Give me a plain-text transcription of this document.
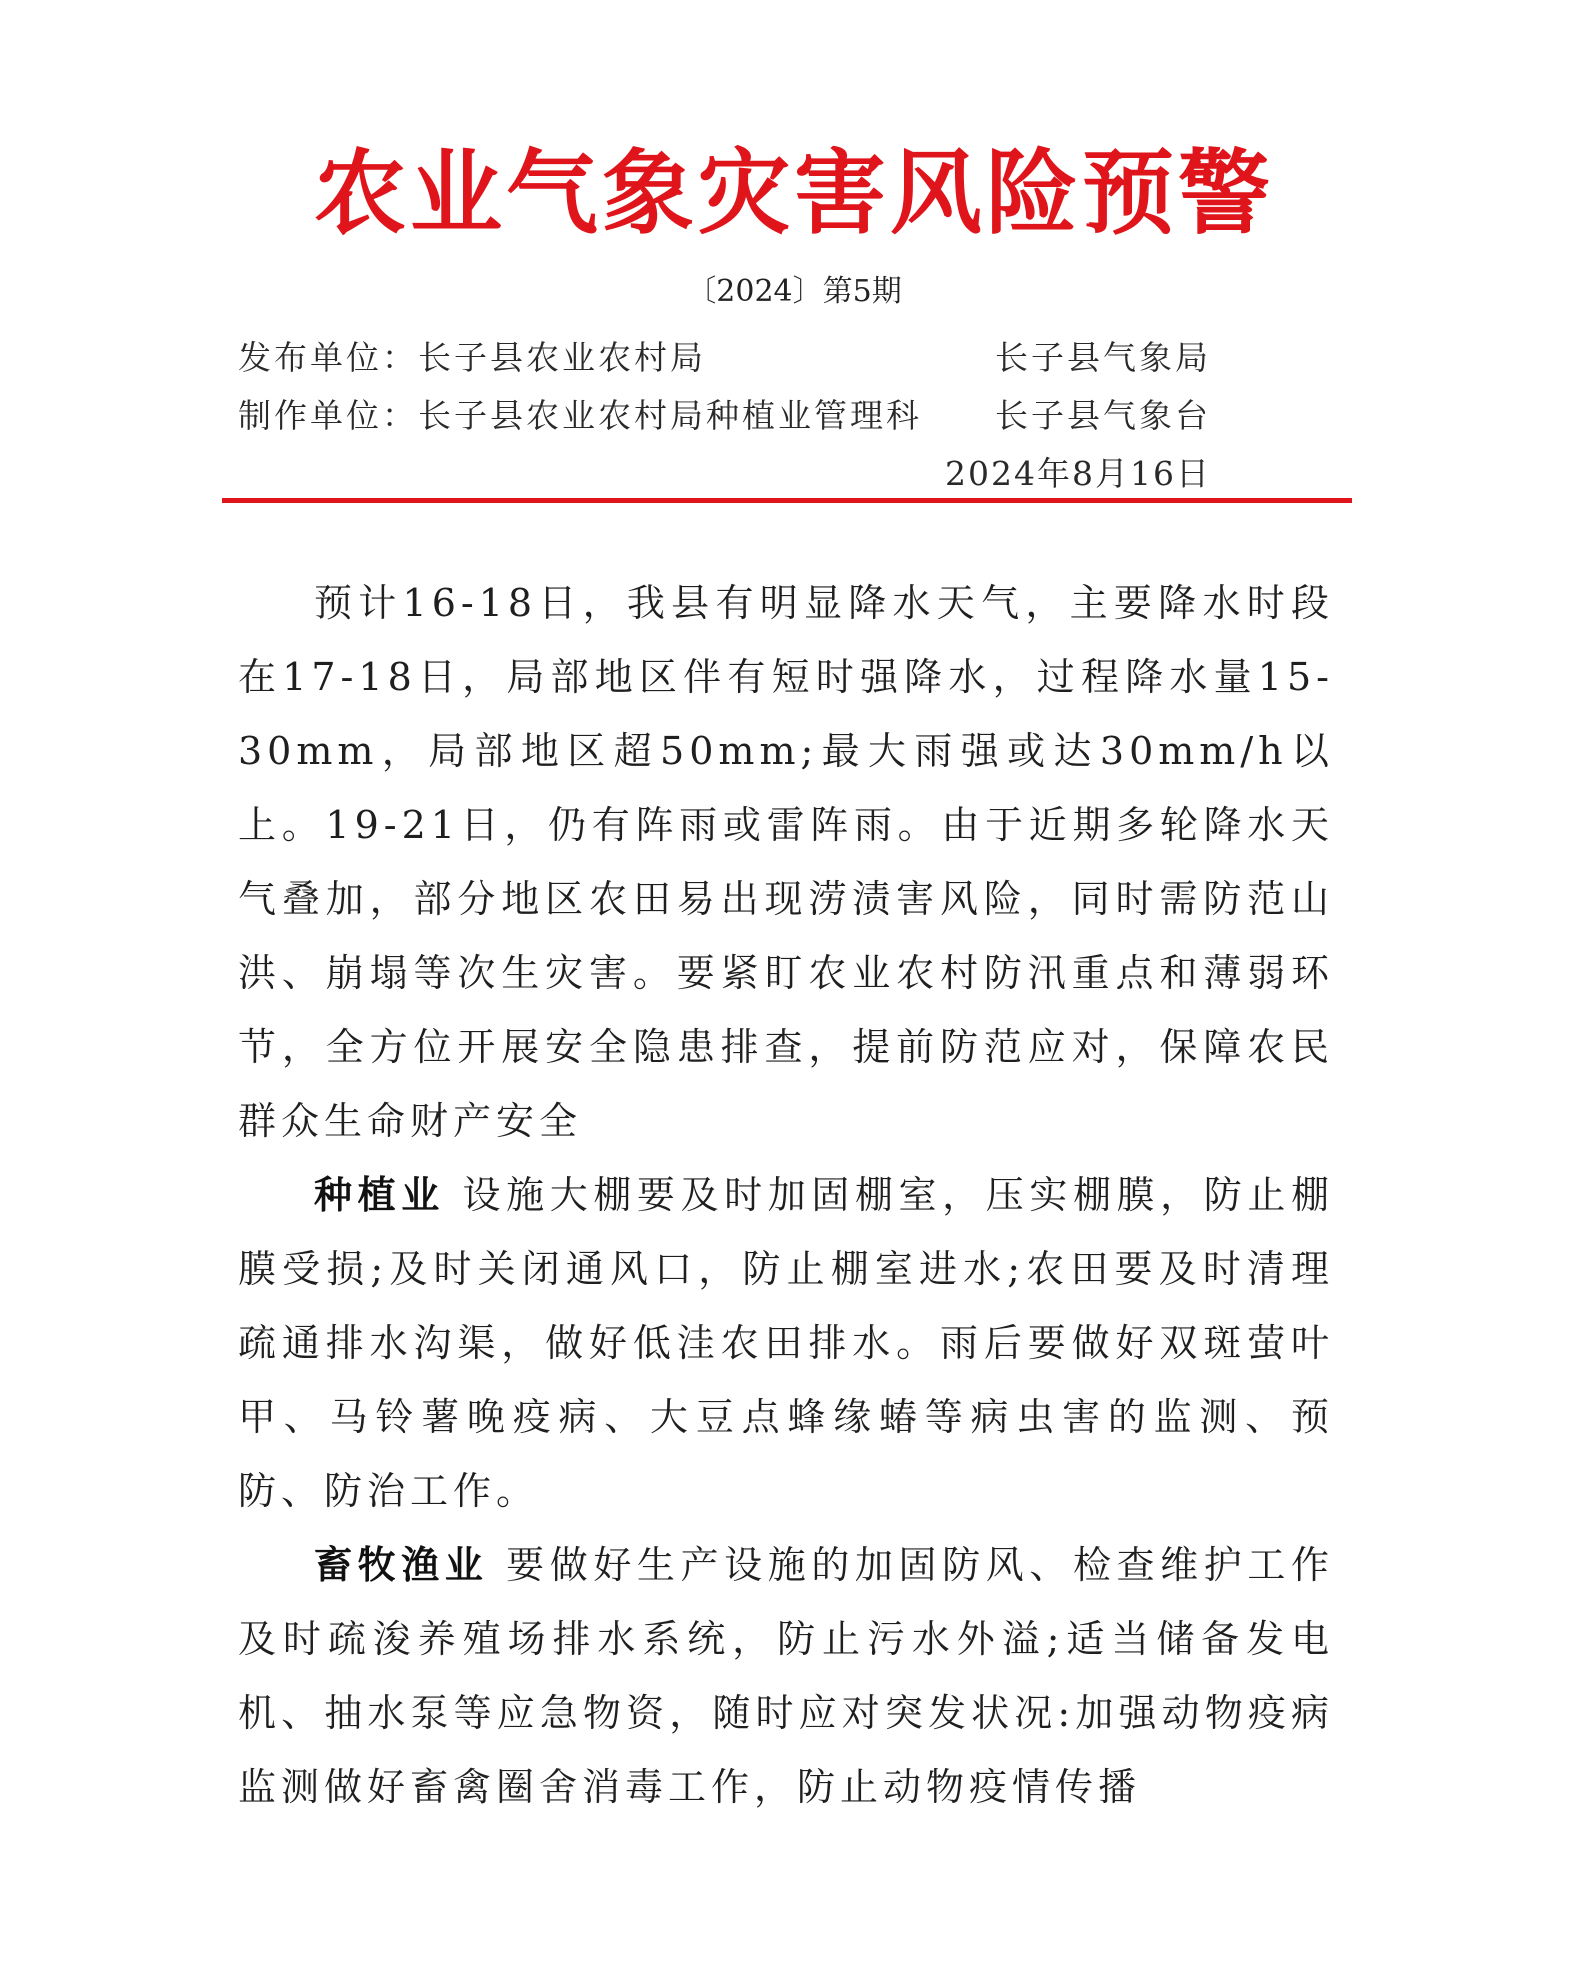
农业气象灾害风险预警
〔2024〕第5期
发布单位：长子县农业农村局	长子县气象局
制作单位：长子县农业农村局种植业管理科 长子县气象台
2024年8月16日

预计16-18日，我县有明显降水天气，主要降水时段在17-18日，局部地区伴有短时强降水，过程降水量15-30mm，局部地区超50mm;最大雨强或达30mm/h以上。19-21日，仍有阵雨或雷阵雨。由于近期多轮降水天气叠加，部分地区农田易出现涝渍害风险，同时需防范山洪、崩塌等次生灾害。要紧盯农业农村防汛重点和薄弱环节，全方位开展安全隐患排查，提前防范应对，保障农民群众生命财产安全

种植业 设施大棚要及时加固棚室，压实棚膜，防止棚膜受损;及时关闭通风口，防止棚室进水;农田要及时清理疏通排水沟渠，做好低洼农田排水。雨后要做好双斑萤叶甲、马铃薯晚疫病、大豆点蜂缘蝽等病虫害的监测、预防、防治工作。

畜牧渔业 要做好生产设施的加固防风、检查维护工作及时疏浚养殖场排水系统，防止污水外溢;适当储备发电机、抽水泵等应急物资，随时应对突发状况:加强动物疫病监测做好畜禽圈舍消毒工作，防止动物疫情传播
